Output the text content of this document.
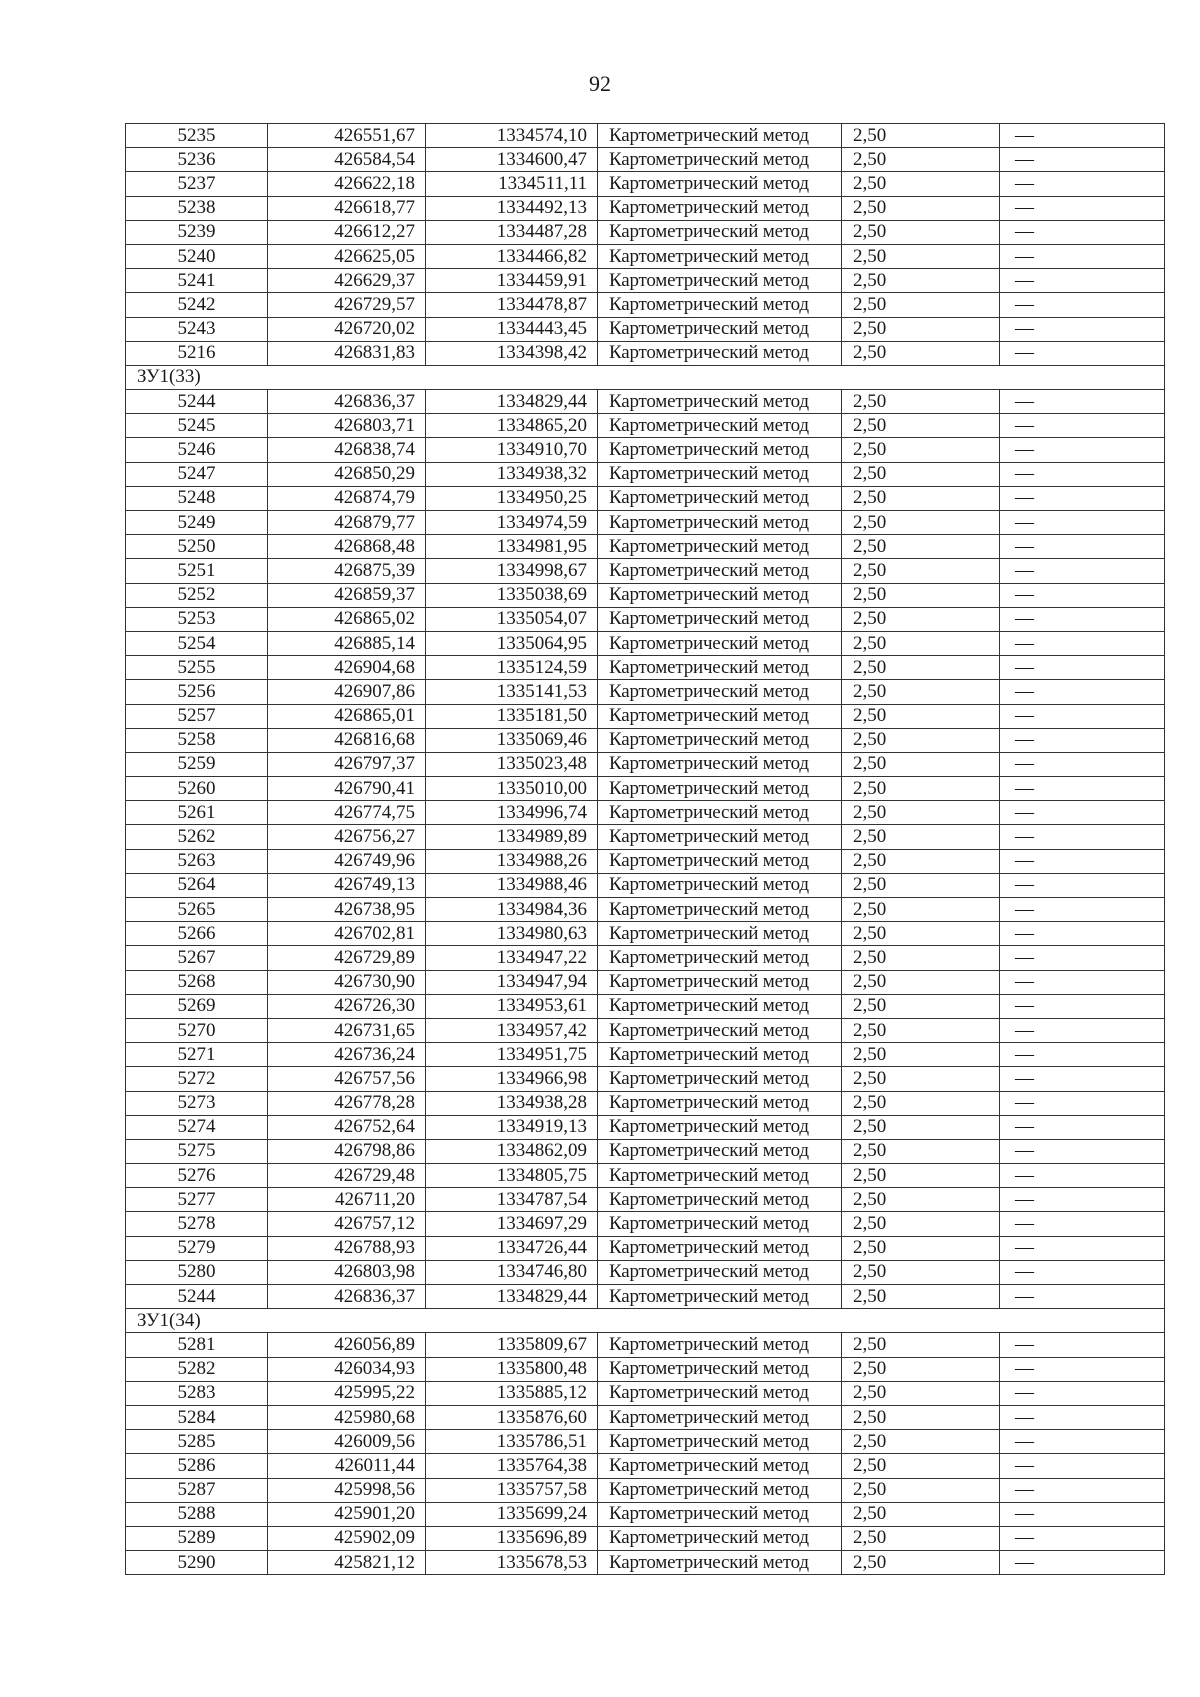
92
5235	426551,67	1334574,10	Картометрический метод	2,50	—
5236	426584,54	1334600,47	Картометрический метод	2,50	—
5237	426622,18	1334511,11	Картометрический метод	2,50	—
5238	426618,77	1334492,13	Картометрический метод	2,50	—
5239	426612,27	1334487,28	Картометрический метод	2,50	—
5240	426625,05	1334466,82	Картометрический метод	2,50	—
5241	426629,37	1334459,91	Картометрический метод	2,50	—
5242	426729,57	1334478,87	Картометрический метод	2,50	—
5243	426720,02	1334443,45	Картометрический метод	2,50	—
5216	426831,83	1334398,42	Картометрический метод	2,50	—
ЗУ1(33)					
5244	426836,37	1334829,44	Картометрический метод	2,50	—
5245	426803,71	1334865,20	Картометрический метод	2,50	—
5246	426838,74	1334910,70	Картометрический метод	2,50	—
5247	426850,29	1334938,32	Картометрический метод	2,50	—
5248	426874,79	1334950,25	Картометрический метод	2,50	—
5249	426879,77	1334974,59	Картометрический метод	2,50	—
5250	426868,48	1334981,95	Картометрический метод	2,50	—
5251	426875,39	1334998,67	Картометрический метод	2,50	—
5252	426859,37	1335038,69	Картометрический метод	2,50	—
5253	426865,02	1335054,07	Картометрический метод	2,50	—
5254	426885,14	1335064,95	Картометрический метод	2,50	—
5255	426904,68	1335124,59	Картометрический метод	2,50	—
5256	426907,86	1335141,53	Картометрический метод	2,50	—
5257	426865,01	1335181,50	Картометрический метод	2,50	—
5258	426816,68	1335069,46	Картометрический метод	2,50	—
5259	426797,37	1335023,48	Картометрический метод	2,50	—
5260	426790,41	1335010,00	Картометрический метод	2,50	—
5261	426774,75	1334996,74	Картометрический метод	2,50	—
5262	426756,27	1334989,89	Картометрический метод	2,50	—
5263	426749,96	1334988,26	Картометрический метод	2,50	—
5264	426749,13	1334988,46	Картометрический метод	2,50	—
5265	426738,95	1334984,36	Картометрический метод	2,50	—
5266	426702,81	1334980,63	Картометрический метод	2,50	—
5267	426729,89	1334947,22	Картометрический метод	2,50	—
5268	426730,90	1334947,94	Картометрический метод	2,50	—
5269	426726,30	1334953,61	Картометрический метод	2,50	—
5270	426731,65	1334957,42	Картометрический метод	2,50	—
5271	426736,24	1334951,75	Картометрический метод	2,50	—
5272	426757,56	1334966,98	Картометрический метод	2,50	—
5273	426778,28	1334938,28	Картометрический метод	2,50	—
5274	426752,64	1334919,13	Картометрический метод	2,50	—
5275	426798,86	1334862,09	Картометрический метод	2,50	—
5276	426729,48	1334805,75	Картометрический метод	2,50	—
5277	426711,20	1334787,54	Картометрический метод	2,50	—
5278	426757,12	1334697,29	Картометрический метод	2,50	—
5279	426788,93	1334726,44	Картометрический метод	2,50	—
5280	426803,98	1334746,80	Картометрический метод	2,50	—
5244	426836,37	1334829,44	Картометрический метод	2,50	—
ЗУ1(34)					
5281	426056,89	1335809,67	Картометрический метод	2,50	—
5282	426034,93	1335800,48	Картометрический метод	2,50	—
5283	425995,22	1335885,12	Картометрический метод	2,50	—
5284	425980,68	1335876,60	Картометрический метод	2,50	—
5285	426009,56	1335786,51	Картометрический метод	2,50	—
5286	426011,44	1335764,38	Картометрический метод	2,50	—
5287	425998,56	1335757,58	Картометрический метод	2,50	—
5288	425901,20	1335699,24	Картометрический метод	2,50	—
5289	425902,09	1335696,89	Картометрический метод	2,50	—
5290	425821,12	1335678,53	Картометрический метод	2,50	—
